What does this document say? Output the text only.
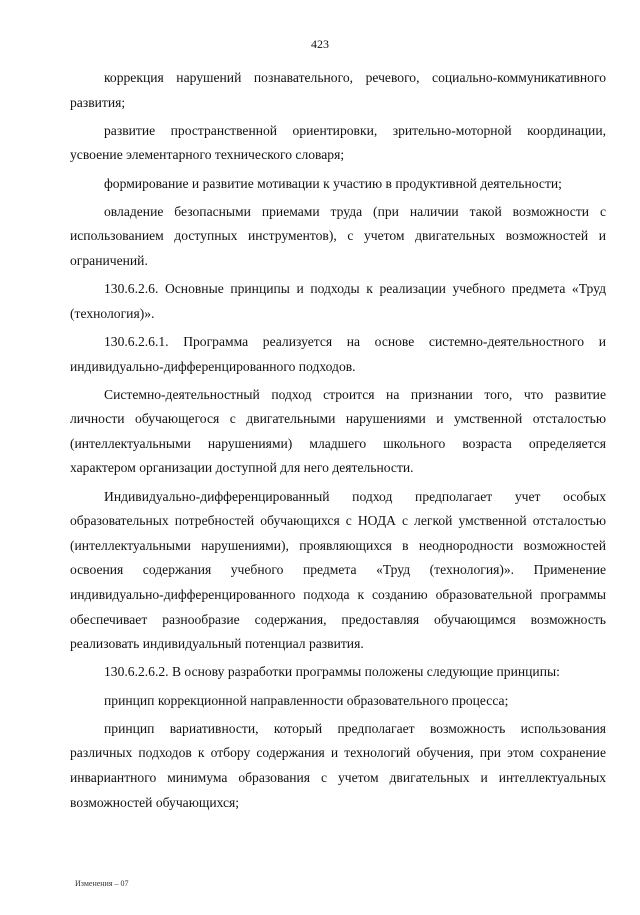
423

коррекция нарушений познавательного, речевого, социально-коммуникативного развития;

развитие пространственной ориентировки, зрительно-моторной координации, усвоение элементарного технического словаря;

формирование и развитие мотивации к участию в продуктивной деятельности;

овладение безопасными приемами труда (при наличии такой возможности с использованием доступных инструментов), с учетом двигательных возможностей и ограничений.

130.6.2.6. Основные принципы и подходы к реализации учебного предмета «Труд (технология)».

130.6.2.6.1. Программа реализуется на основе системно-деятельностного и индивидуально-дифференцированного подходов.

Системно-деятельностный подход строится на признании того, что развитие личности обучающегося с двигательными нарушениями и умственной отсталостью (интеллектуальными нарушениями) младшего школьного возраста определяется характером организации доступной для него деятельности.

Индивидуально-дифференцированный подход предполагает учет особых образовательных потребностей обучающихся с НОДА с легкой умственной отсталостью (интеллектуальными нарушениями), проявляющихся в неоднородности возможностей освоения содержания учебного предмета «Труд (технология)». Применение индивидуально-дифференцированного подхода к созданию образовательной программы обеспечивает разнообразие содержания, предоставляя обучающимся возможность реализовать индивидуальный потенциал развития.

130.6.2.6.2. В основу разработки программы положены следующие принципы:

принцип коррекционной направленности образовательного процесса;

принцип вариативности, который предполагает возможность использования различных подходов к отбору содержания и технологий обучения, при этом сохранение инвариантного минимума образования с учетом двигательных и интеллектуальных возможностей обучающихся;

Изменения – 07
